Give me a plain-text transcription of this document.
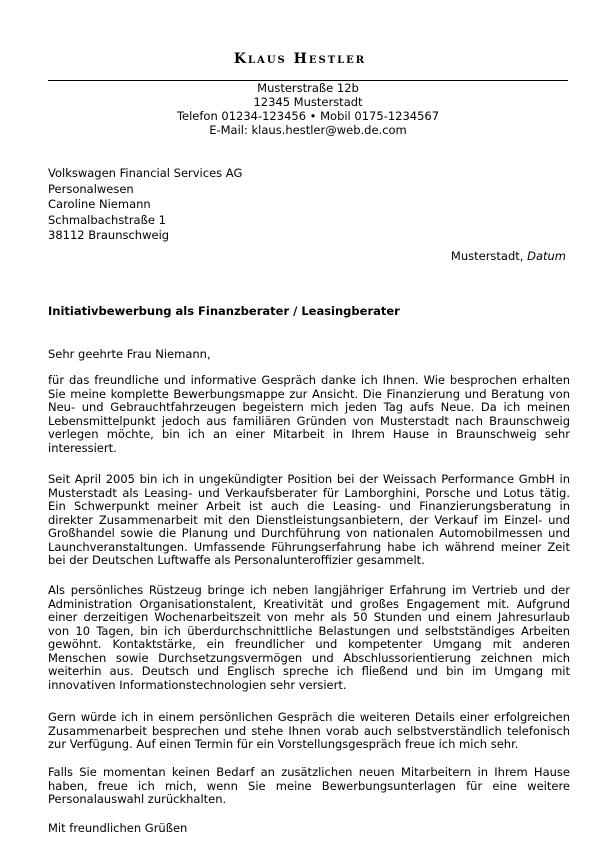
Klaus Hestler
Musterstraße 12b
12345 Musterstadt
Telefon 01234-123456 • Mobil 0175-1234567
E-Mail: klaus.hestler@web.de.com
Volkswagen Financial Services AG
Personalwesen
Caroline Niemann
Schmalbachstraße 1
38112 Braunschweig
Musterstadt, Datum
Initiativbewerbung als Finanzberater / Leasingberater
Sehr geehrte Frau Niemann,
für das freundliche und informative Gespräch danke ich Ihnen. Wie besprochen erhalten
Sie meine komplette Bewerbungsmappe zur Ansicht. Die Finanzierung und Beratung von
Neu- und Gebrauchtfahrzeugen begeistern mich jeden Tag aufs Neue. Da ich meinen
Lebensmittelpunkt jedoch aus familiären Gründen von Musterstadt nach Braunschweig
verlegen möchte, bin ich an einer Mitarbeit in Ihrem Hause in Braunschweig sehr
interessiert.
Seit April 2005 bin ich in ungekündigter Position bei der Weissach Performance GmbH in
Musterstadt als Leasing- und Verkaufsberater für Lamborghini, Porsche und Lotus tätig.
Ein Schwerpunkt meiner Arbeit ist auch die Leasing- und Finanzierungsberatung in
direkter Zusammenarbeit mit den Dienstleistungsanbietern, der Verkauf im Einzel- und
Großhandel sowie die Planung und Durchführung von nationalen Automobilmessen und
Launchveranstaltungen. Umfassende Führungserfahrung habe ich während meiner Zeit
bei der Deutschen Luftwaffe als Personalunteroffizier gesammelt.
Als persönliches Rüstzeug bringe ich neben langjähriger Erfahrung im Vertrieb und der
Administration Organisationstalent, Kreativität und großes Engagement mit. Aufgrund
einer derzeitigen Wochenarbeitszeit von mehr als 50 Stunden und einem Jahresurlaub
von 10 Tagen, bin ich überdurchschnittliche Belastungen und selbstständiges Arbeiten
gewöhnt. Kontaktstärke, ein freundlicher und kompetenter Umgang mit anderen
Menschen sowie Durchsetzungsvermögen und Abschlussorientierung zeichnen mich
weiterhin aus. Deutsch und Englisch spreche ich fließend und bin im Umgang mit
innovativen Informationstechnologien sehr versiert.
Gern würde ich in einem persönlichen Gespräch die weiteren Details einer erfolgreichen
Zusammenarbeit besprechen und stehe Ihnen vorab auch selbstverständlich telefonisch
zur Verfügung. Auf einen Termin für ein Vorstellungsgespräch freue ich mich sehr.
Falls Sie momentan keinen Bedarf an zusätzlichen neuen Mitarbeitern in Ihrem Hause
haben, freue ich mich, wenn Sie meine Bewerbungsunterlagen für eine weitere
Personalauswahl zurückhalten.
Mit freundlichen Grüßen
